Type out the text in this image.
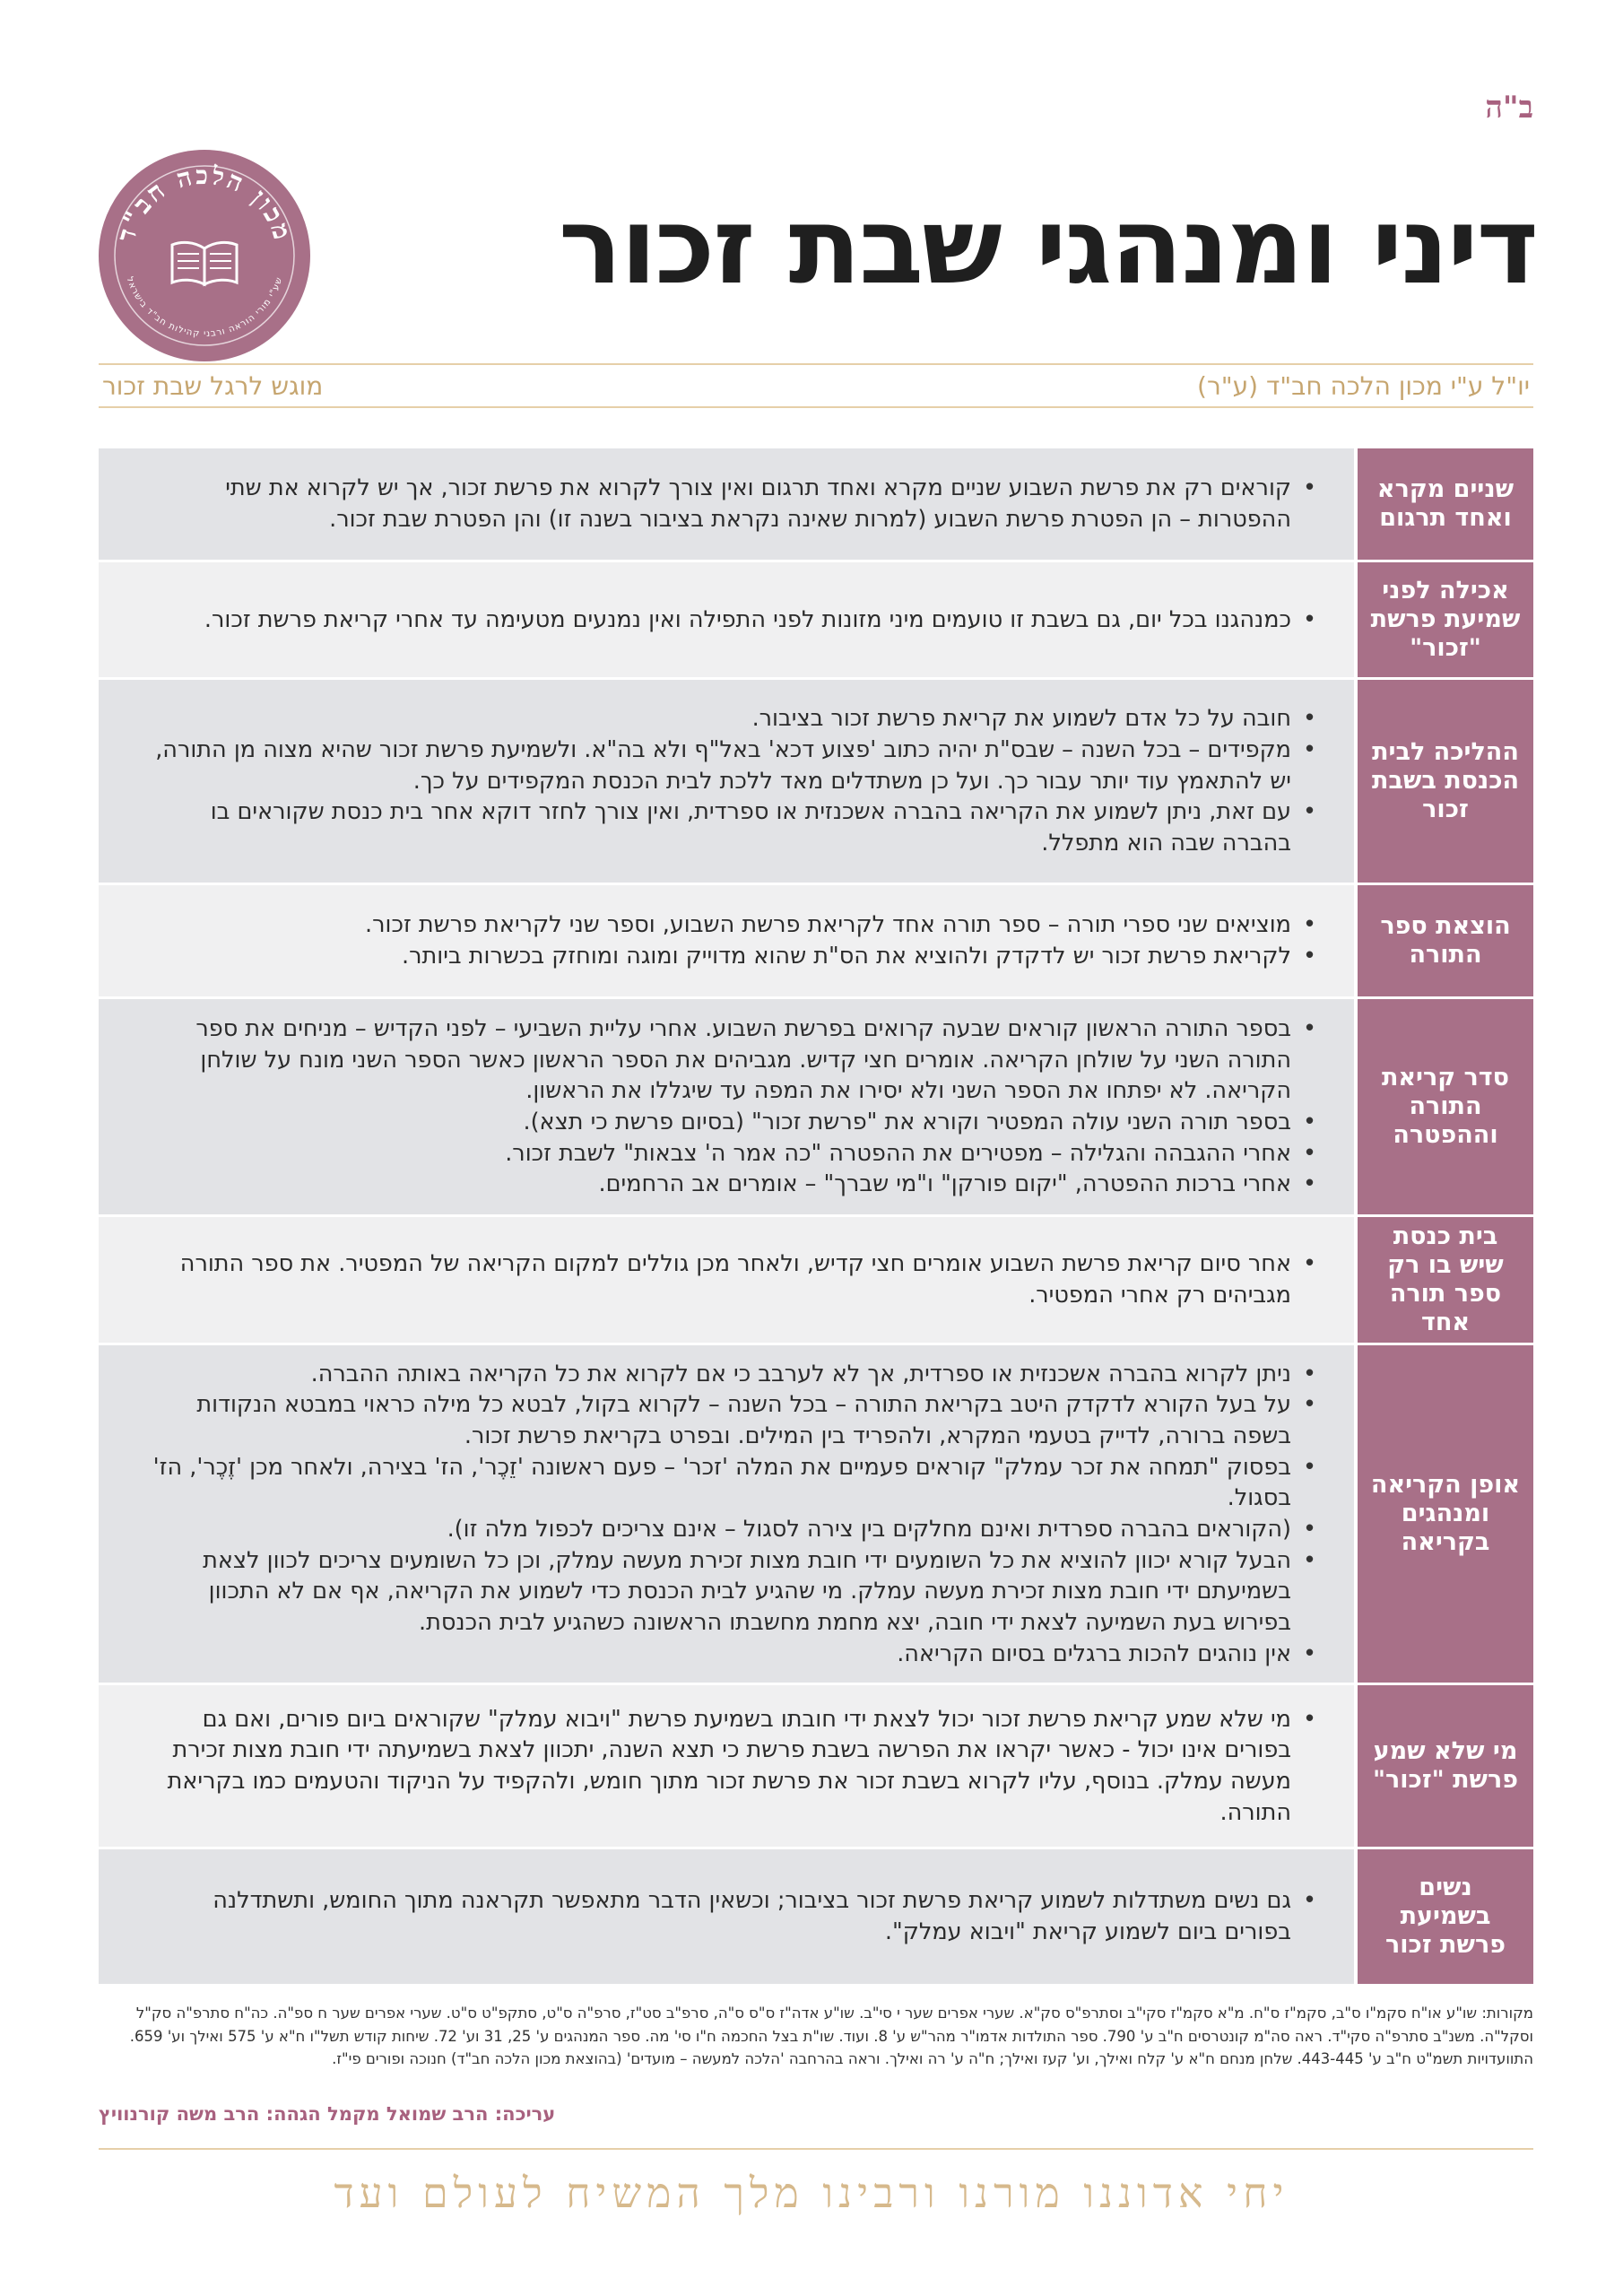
ב"ה
דיני ומנהגי שבת זכור
מכון הלכה חב"ד
שע"י מורי הוראה ורבני קהילות חב"ד בישראל
יו"ל ע"י מכון הלכה חב"ד (ע"ר)
מוגש לרגל שבת זכור
שניים מקרא ואחד תרגום
• קוראים רק את פרשת השבוע שניים מקרא ואחד תרגום ואין צורך לקרוא את פרשת זכור, אך יש לקרוא את שתי ההפטרות – הן הפטרת פרשת השבוע (למרות שאינה נקראת בציבור בשנה זו) והן הפטרת שבת זכור.
אכילה לפני שמיעת פרשת "זכור"
• כמנהגנו בכל יום, גם בשבת זו טועמים מיני מזונות לפני התפילה ואין נמנעים מטעימה עד אחרי קריאת פרשת זכור.
ההליכה לבית הכנסת בשבת זכור
• חובה על כל אדם לשמוע את קריאת פרשת זכור בציבור.
• מקפידים – בכל השנה – שבס"ת יהיה כתוב 'פצוע דכא' באל"ף ולא בה"א. ולשמיעת פרשת זכור שהיא מצוה מן התורה, יש להתאמץ עוד יותר עבור כך. ועל כן משתדלים מאד ללכת לבית הכנסת המקפידים על כך.
• עם זאת, ניתן לשמוע את הקריאה בהברה אשכנזית או ספרדית, ואין צורך לחזר דוקא אחר בית כנסת שקוראים בו בהברה שבה הוא מתפלל.
הוצאת ספר התורה
• מוציאים שני ספרי תורה – ספר תורה אחד לקריאת פרשת השבוע, וספר שני לקריאת פרשת זכור.
• לקריאת פרשת זכור יש לדקדק ולהוציא את הס"ת שהוא מדוייק ומוגה ומוחזק בכשרות ביותר.
סדר קריאת התורה וההפטרה
• בספר התורה הראשון קוראים שבעה קרואים בפרשת השבוע. אחרי עליית השביעי – לפני הקדיש – מניחים את ספר התורה השני על שולחן הקריאה. אומרים חצי קדיש. מגביהים את הספר הראשון כאשר הספר השני מונח על שולחן הקריאה. לא יפתחו את הספר השני ולא יסירו את המפה עד שיגללו את הראשון.
• בספר תורה השני עולה המפטיר וקורא את "פרשת זכור" (בסיום פרשת כי תצא).
• אחרי ההגבהה והגלילה – מפטירים את ההפטרה "כה אמר ה' צבאות" לשבת זכור.
• אחרי ברכות ההפטרה, "יקום פורקן" ו"מי שברך" – אומרים אב הרחמים.
בית כנסת שיש בו רק ספר תורה אחד
• אחר סיום קריאת פרשת השבוע אומרים חצי קדיש, ולאחר מכן גוללים למקום הקריאה של המפטיר. את ספר התורה מגביהים רק אחרי המפטיר.
אופן הקריאה ומנהגים בקריאה
• ניתן לקרוא בהברה אשכנזית או ספרדית, אך לא לערבב כי אם לקרוא את כל הקריאה באותה ההברה.
• על בעל הקורא לדקדק היטב בקריאת התורה – בכל השנה – לקרוא בקול, לבטא כל מילה כראוי במבטא הנקודות בשפה ברורה, לדייק בטעמי המקרא, ולהפריד בין המילים. ובפרט בקריאת פרשת זכור.
• בפסוק "תמחה את זכר עמלק" קוראים פעמיים את המלה 'זכר' – פעם ראשונה 'זֵכֶר', הז' בצירה, ולאחר מכן 'זֶכֶר', הז' בסגול.
• (הקוראים בהברה ספרדית ואינם מחלקים בין צירה לסגול – אינם צריכים לכפול מלה זו).
• הבעל קורא יכוון להוציא את כל השומעים ידי חובת מצות זכירת מעשה עמלק, וכן כל השומעים צריכים לכוון לצאת בשמיעתם ידי חובת מצות זכירת מעשה עמלק. מי שהגיע לבית הכנסת כדי לשמוע את הקריאה, אף אם לא התכוון בפירוש בעת השמיעה לצאת ידי חובה, יצא מחמת מחשבתו הראשונה כשהגיע לבית הכנסת.
• אין נוהגים להכות ברגלים בסיום הקריאה.
מי שלא שמע פרשת "זכור"
• מי שלא שמע קריאת פרשת זכור יכול לצאת ידי חובתו בשמיעת פרשת "ויבוא עמלק" שקוראים ביום פורים, ואם גם בפורים אינו יכול - כאשר יקראו את הפרשה בשבת פרשת כי תצא השנה, יתכוון לצאת בשמיעתה ידי חובת מצות זכירת מעשה עמלק. בנוסף, עליו לקרוא בשבת זכור את פרשת זכור מתוך חומש, ולהקפיד על הניקוד והטעמים כמו בקריאת התורה.
נשים בשמיעת פרשת זכור
• גם נשים משתדלות לשמוע קריאת פרשת זכור בציבור; וכשאין הדבר מתאפשר תקראנה מתוך החומש, ותשתדלנה בפורים ביום לשמוע קריאת "ויבוא עמלק".
מקורות: שו"ע או"ח סקמ"ו ס"ב, סקמ"ז ס"ח. מ"א סקמ"ז סקי"ב וסתרפ"ס סק"א. שערי אפרים שער י סי"ב. שו"ע אדה"ז ס"ס ס"ה, סרפ"ב סט"ז, סרפ"ה ס"ט, סתקפ"ט ס"ט. שערי אפרים שער ח ספ"ה. כה"ח סתרפ"ה סק"ל וסקל"ה. משנ"ב סתרפ"ה סקי"ד. ראה סה"מ קונטרסים ח"ב ע' 790. ספר התולדות אדמו"ר מהר"ש ע' 8. ועוד. שו"ת בצל החכמה ח"ו סי' מה. ספר המנהגים ע' 25, 31 וע' 72. שיחות קודש תשל"ו ח"א ע' 575 ואילך וע' 659. התוועדויות תשמ"ט ח"ב ע' 443-445. שלחן מנחם ח"א ע' קלח ואילך, וע' קעז ואילך; ח"ה ע' רה ואילך. וראה בהרחבה 'הלכה למעשה – מועדים' (בהוצאת מכון הלכה חב"ד) חנוכה ופורים פי"ז.
עריכה: הרב שמואל מקמל הגהה: הרב משה קורנוויץ
יחי אדוננו מורנו ורבינו מלך המשיח לעולם ועד
